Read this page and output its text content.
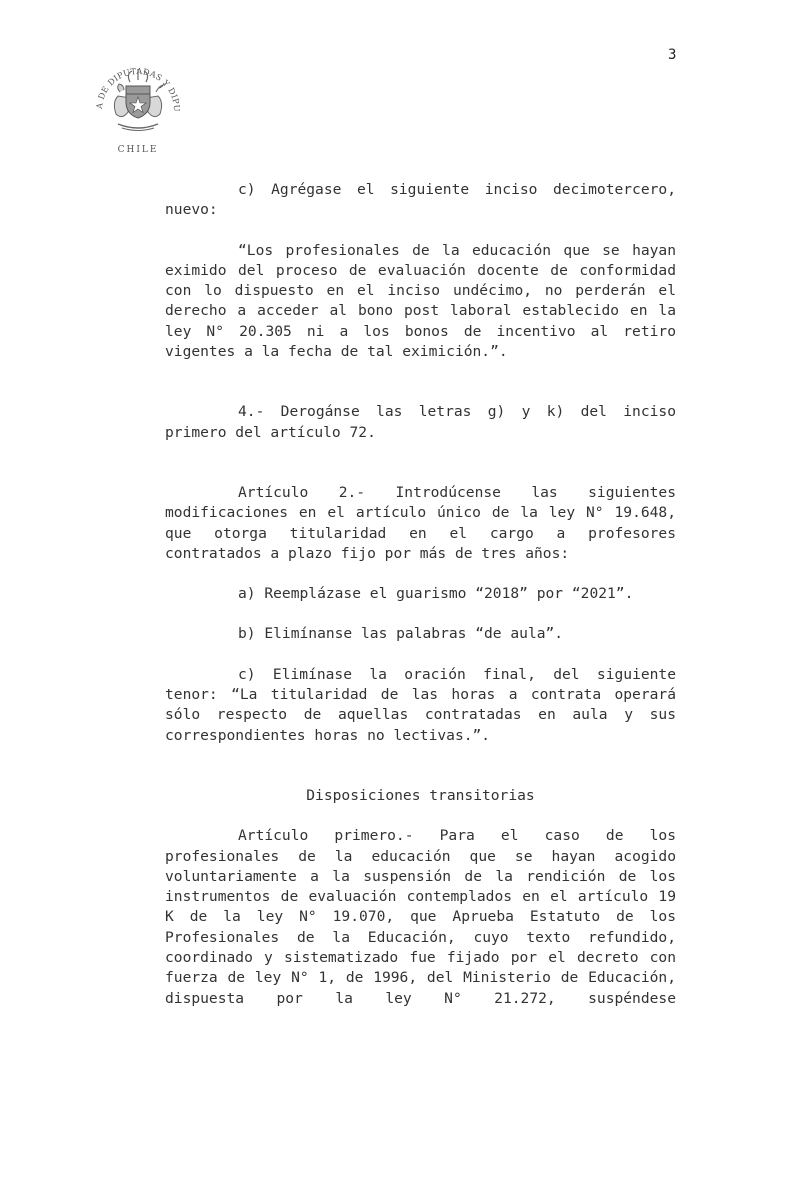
3
A DE DIPUTADAS Y DIPU
CHILE

c) Agrégase el siguiente inciso decimotercero, nuevo:

“Los profesionales de la educación que se hayan eximido del proceso de evaluación docente de conformidad con lo dispuesto en el inciso undécimo, no perderán el derecho a acceder al bono post laboral establecido en la ley N° 20.305 ni a los bonos de incentivo al retiro vigentes a la fecha de tal eximición.”.

4.- Derogánse las letras g) y k) del inciso primero del artículo 72.

Artículo 2.- Introdúcense las siguientes modificaciones en el artículo único de la ley N° 19.648, que otorga titularidad en el cargo a profesores contratados a plazo fijo por más de tres años:

a) Reemplázase el guarismo “2018” por “2021”.

b) Elimínanse las palabras “de aula”.

c) Elimínase la oración final, del siguiente tenor: “La titularidad de las horas a contrata operará sólo respecto de aquellas contratadas en aula y sus correspondientes horas no lectivas.”.

Disposiciones transitorias

Artículo primero.- Para el caso de los profesionales de la educación que se hayan acogido voluntariamente a la suspensión de la rendición de los instrumentos de evaluación contemplados en el artículo 19 K de la ley N° 19.070, que Aprueba Estatuto de los Profesionales de la Educación, cuyo texto refundido, coordinado y sistematizado fue fijado por el decreto con fuerza de ley N° 1, de 1996, del Ministerio de Educación, dispuesta por la ley N° 21.272, suspéndese
